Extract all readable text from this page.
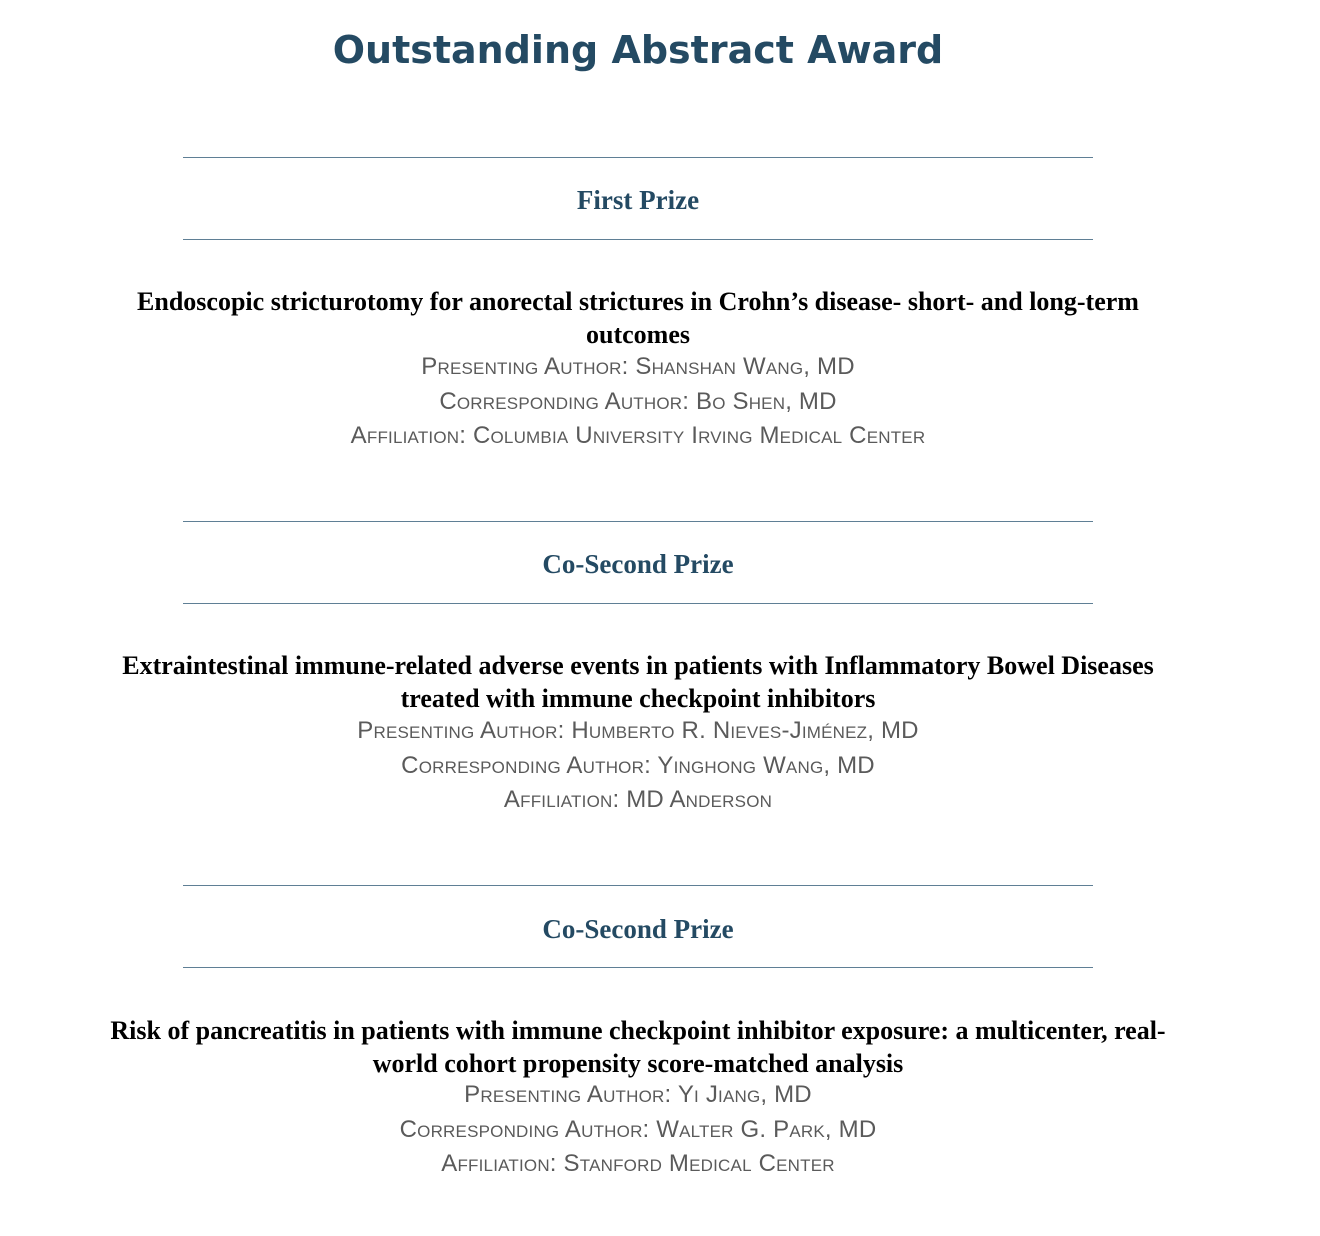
Outstanding Abstract Award
First Prize
Endoscopic stricturotomy for anorectal strictures in Crohn’s disease- short- and long-term outcomes
Presenting Author: Shanshan Wang, MD
Corresponding Author: Bo Shen, MD
Affiliation: Columbia University Irving Medical Center
Co-Second Prize
Extraintestinal immune-related adverse events in patients with Inflammatory Bowel Diseases treated with immune checkpoint inhibitors
Presenting Author: Humberto R. Nieves-Jiménez, MD
Corresponding Author: Yinghong Wang, MD
Affiliation: MD Anderson
Co-Second Prize
Risk of pancreatitis in patients with immune checkpoint inhibitor exposure: a multicenter, real-world cohort propensity score-matched analysis
Presenting Author: Yi Jiang, MD
Corresponding Author: Walter G. Park, MD
Affiliation: Stanford Medical Center
